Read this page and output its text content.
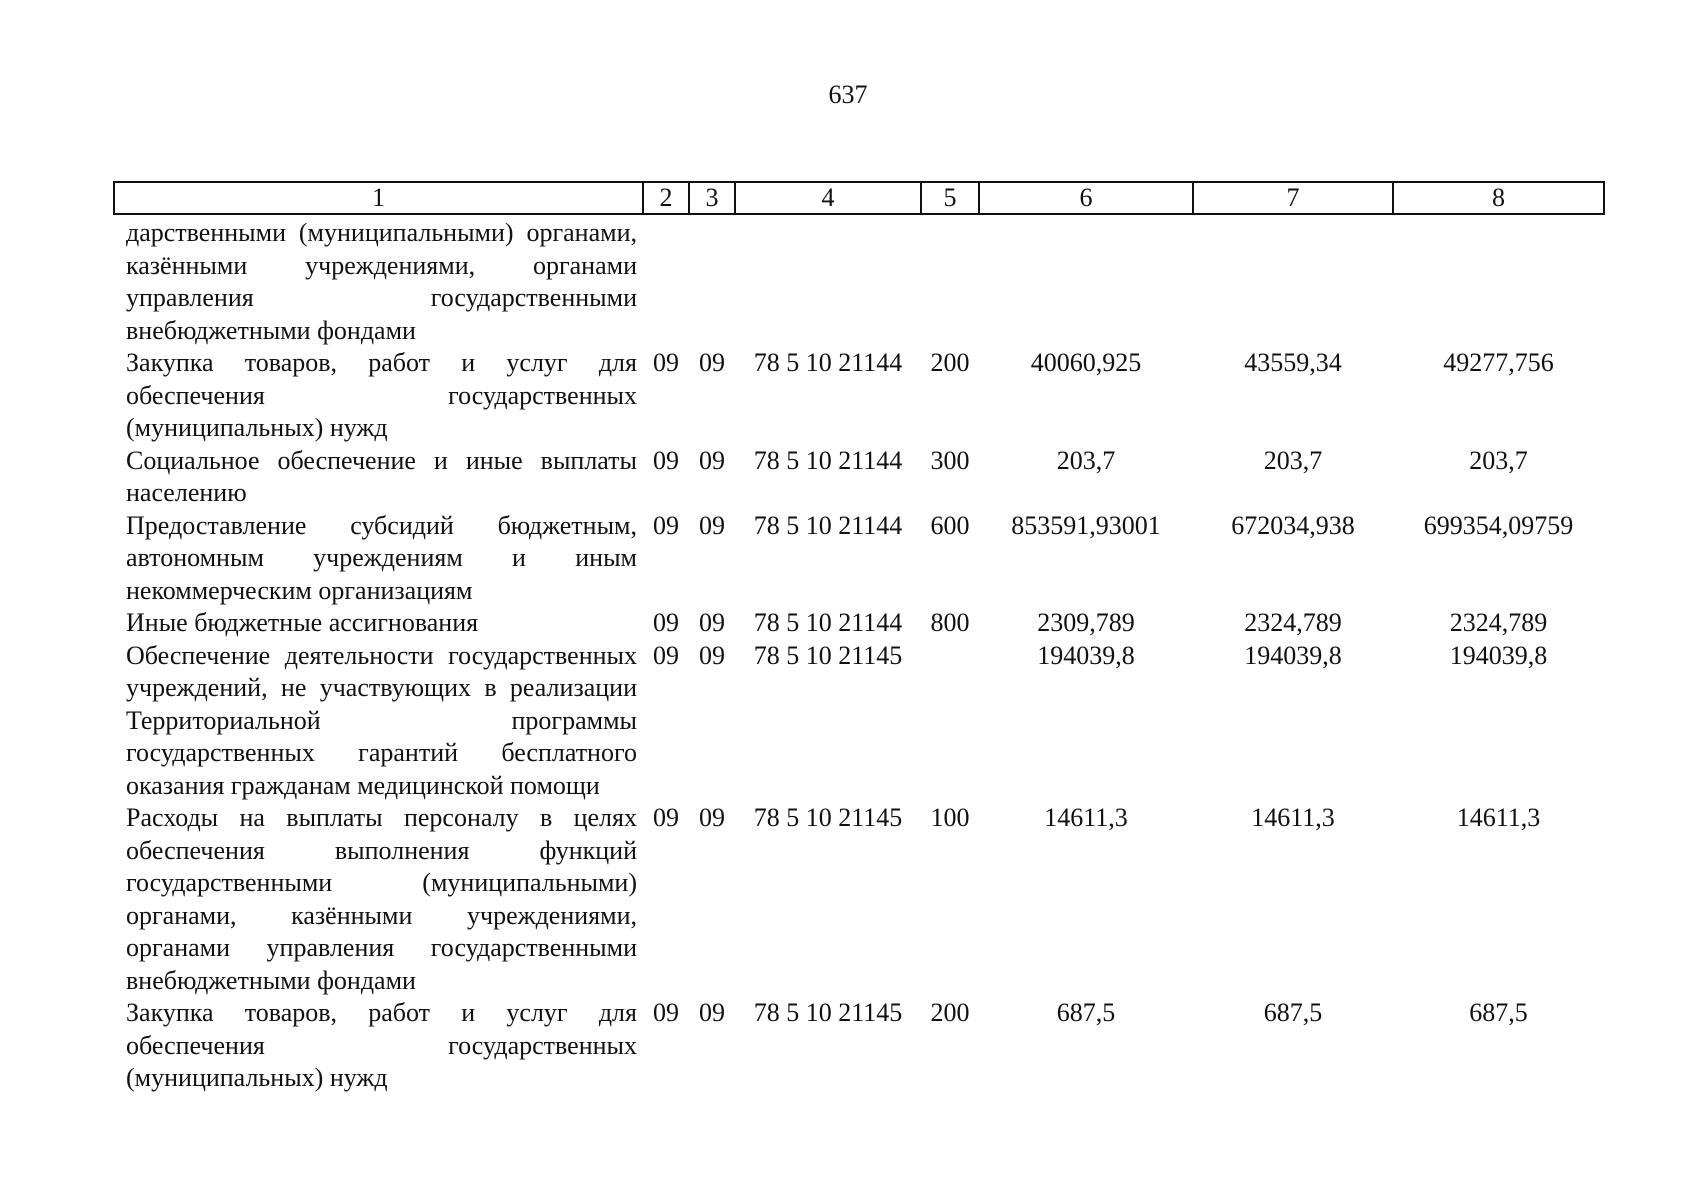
637
1	2	3	4	5	6	7	8
дарственными (муниципальными) органами, казёнными учреждениями, органами управления государственными внебюджетными фондами							
Закупка товаров, работ и услуг для обеспечения государственных (муниципальных) нужд	09	09	78 5 10 21144	200	40060,925	43559,34	49277,756
Социальное обеспечение и иные выплаты населению	09	09	78 5 10 21144	300	203,7	203,7	203,7
Предоставление субсидий бюджетным, автономным учреждениям и иным некоммерческим организациям	09	09	78 5 10 21144	600	853591,93001	672034,938	699354,09759
Иные бюджетные ассигнования	09	09	78 5 10 21144	800	2309,789	2324,789	2324,789
Обеспечение деятельности государственных учреждений, не участвующих в реализации Территориальной программы государственных гарантий бесплатного оказания гражданам медицинской помощи	09	09	78 5 10 21145		194039,8	194039,8	194039,8
Расходы на выплаты персоналу в целях обеспечения выполнения функций государственными (муниципальными) органами, казёнными учреждениями, органами управления государственными внебюджетными фондами	09	09	78 5 10 21145	100	14611,3	14611,3	14611,3
Закупка товаров, работ и услуг для обеспечения государственных (муниципальных) нужд	09	09	78 5 10 21145	200	687,5	687,5	687,5
